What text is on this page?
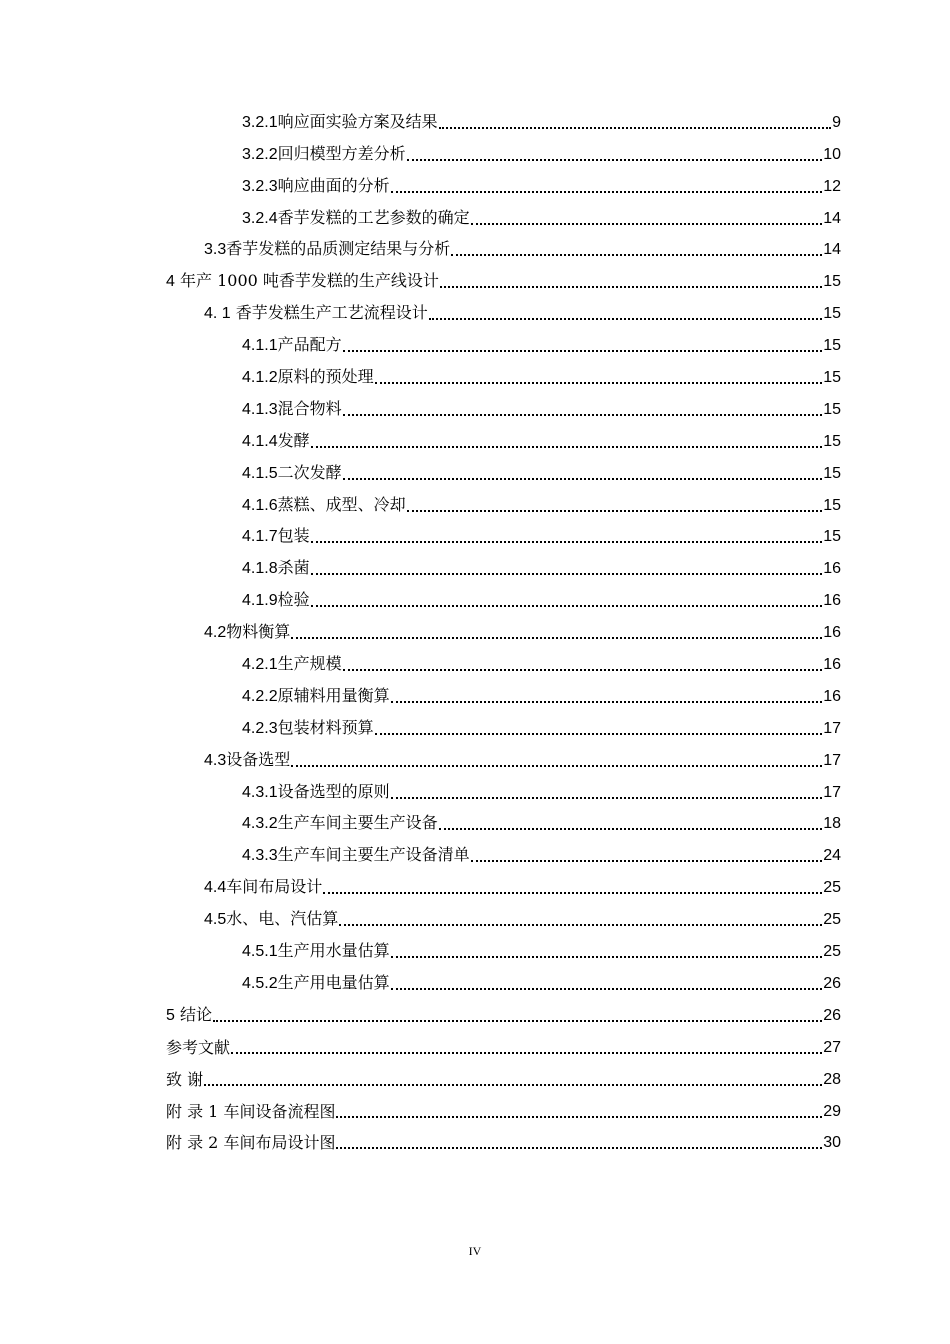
3.2.1响应面实验方案及结果	9
3.2.2回归模型方差分析	10
3.2.3响应曲面的分析	12
3.2.4香芋发糕的工艺参数的确定	14
3.3香芋发糕的品质测定结果与分析	14
4 年产 1000 吨香芋发糕的生产线设计	15
4. 1 香芋发糕生产工艺流程设计	15
4.1.1产品配方	15
4.1.2原料的预处理	15
4.1.3混合物料	15
4.1.4发酵	15
4.1.5二次发酵	15
4.1.6蒸糕、成型、冷却	15
4.1.7包装	15
4.1.8杀菌	16
4.1.9检验	16
4.2物料衡算	16
4.2.1生产规模	16
4.2.2原辅料用量衡算	16
4.2.3包装材料预算	17
4.3设备选型	17
4.3.1设备选型的原则	17
4.3.2生产车间主要生产设备	18
4.3.3生产车间主要生产设备清单	24
4.4车间布局设计	25
4.5水、电、汽估算	25
4.5.1生产用水量估算	25
4.5.2生产用电量估算	26
5 结论	26
参考文献	27
致 谢	28
附 录 1 车间设备流程图	29
附 录 2 车间布局设计图	30
IV
